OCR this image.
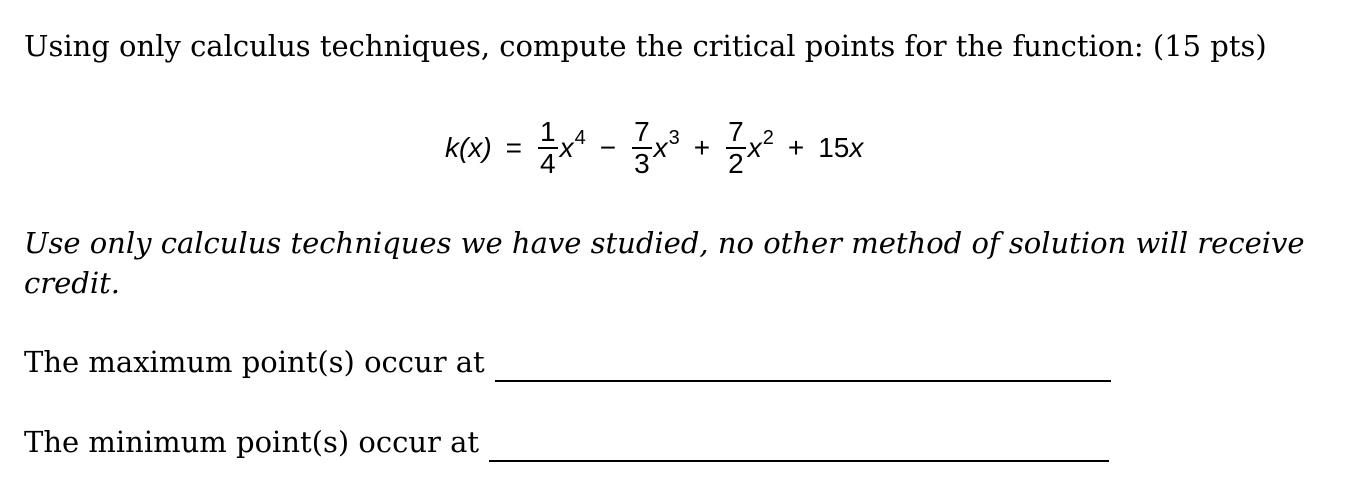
Using only calculus techniques, compute the critical points for the function: (15 pts)
$k(x) = \frac{1}{4} x^4 - \frac{7}{3} x^3 + \frac{7}{2} x^2 + 15$ x
Use only calculus techniques we have studied, no other method of solution will receive credit.
The maximum point(s) occur at
The minimum point(s) occur at
